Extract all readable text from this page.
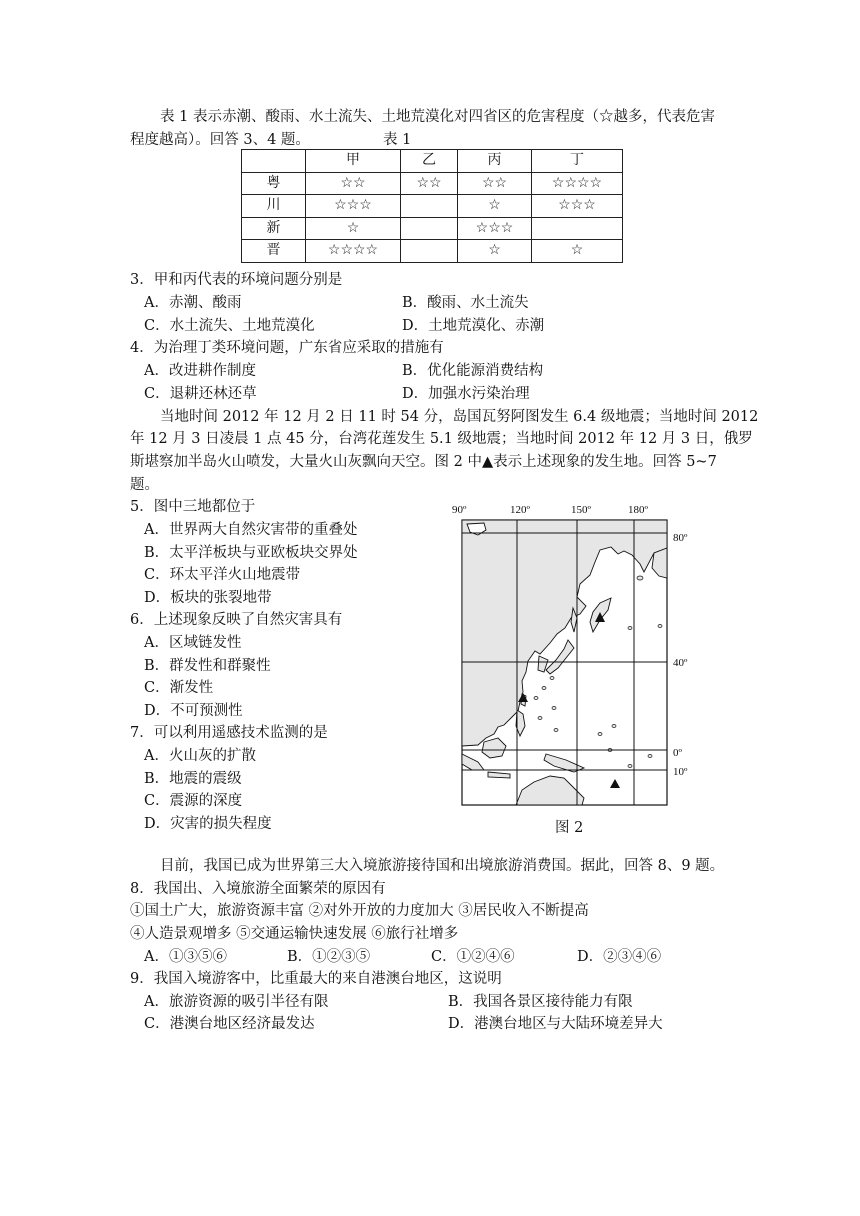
表 1 表示赤潮、酸雨、水土流失、土地荒漠化对四省区的危害程度（☆越多，代表危害
程度越高）。回答 3、4 题。	表 1
	甲	乙	丙	丁
粤	☆☆	☆☆	☆☆	☆☆☆☆
川	☆☆☆		☆	☆☆☆
新	☆		☆☆☆	
晋	☆☆☆☆		☆	☆
3．甲和丙代表的环境问题分别是
A．赤潮、酸雨	B．酸雨、水土流失
C．水土流失、土地荒漠化	D．土地荒漠化、赤潮
4．为治理丁类环境问题，广东省应采取的措施有
A．改进耕作制度	B．优化能源消费结构
C．退耕还林还草	D．加强水污染治理
当地时间 2012 年 12 月 2 日 11 时 54 分，岛国瓦努阿图发生 6.4 级地震；当地时间 2012
年 12 月 3 日凌晨 1 点 45 分，台湾花莲发生 5.1 级地震；当地时间 2012 年 12 月 3 日，俄罗
斯堪察加半岛火山喷发，大量火山灰飘向天空。图 2 中▲表示上述现象的发生地。回答 5~7
题。
5．图中三地都位于
A．世界两大自然灾害带的重叠处
B．太平洋板块与亚欧板块交界处
C．环太平洋火山地震带
D．板块的张裂地带
6．上述现象反映了自然灾害具有
A．区域链发性
B．群发性和群聚性
C．渐发性
D．不可预测性
7．可以利用遥感技术监测的是
A．火山灰的扩散
B．地震的震级
C．震源的深度
D．灾害的损失程度
90º	120º	150º	180º
80º
40º
0º
10º
图 2
目前，我国已成为世界第三大入境旅游接待国和出境旅游消费国。据此，回答 8、9 题。
8．我国出、入境旅游全面繁荣的原因有
①国土广大，旅游资源丰富 ②对外开放的力度加大 ③居民收入不断提高
④人造景观增多 ⑤交通运输快速发展 ⑥旅行社增多
A．①③⑤⑥	B．①②③⑤	C．①②④⑥	D．②③④⑥
9．我国入境游客中，比重最大的来自港澳台地区，这说明
A．旅游资源的吸引半径有限	B．我国各景区接待能力有限
C．港澳台地区经济最发达	D．港澳台地区与大陆环境差异大
